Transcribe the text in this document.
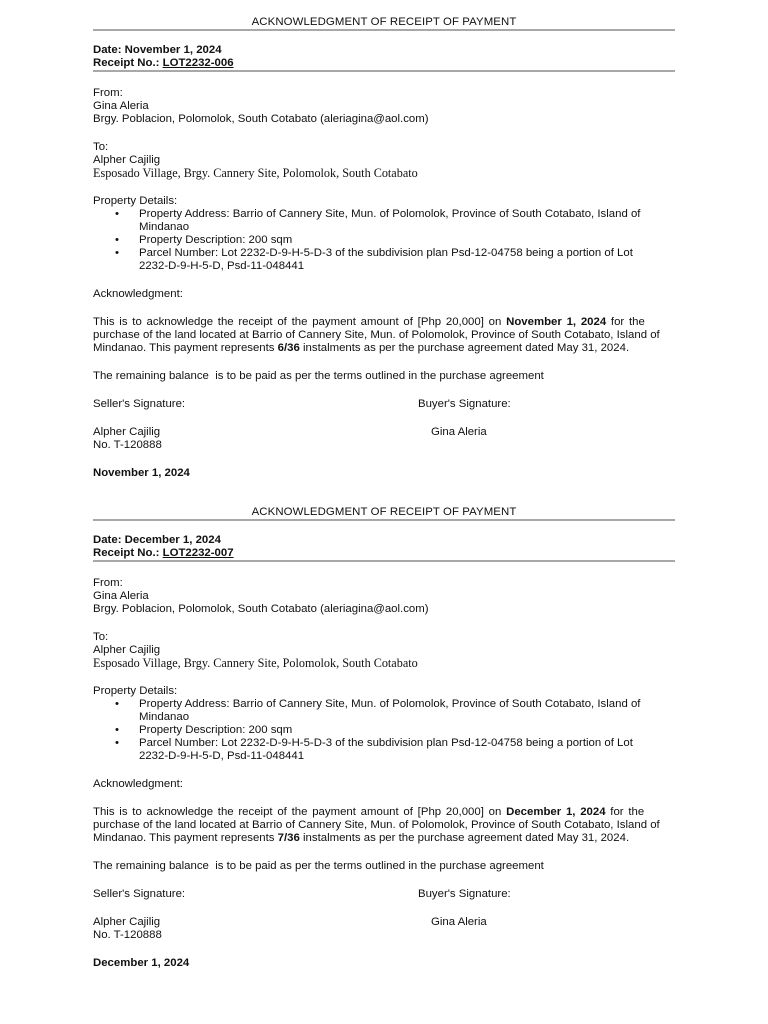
ACKNOWLEDGMENT OF RECEIPT OF PAYMENT
Date: November 1, 2024
Receipt No.: LOT2232-006
From:
Gina Aleria
Brgy. Poblacion, Polomolok, South Cotabato (aleriagina@aol.com)
To:
Alpher Cajilig
Esposado Village, Brgy. Cannery Site, Polomolok, South Cotabato
Property Details:
• Property Address: Barrio of Cannery Site, Mun. of Polomolok, Province of South Cotabato, Island of
Mindanao
• Property Description: 200 sqm
• Parcel Number: Lot 2232-D-9-H-5-D-3 of the subdivision plan Psd-12-04758 being a portion of Lot
2232-D-9-H-5-D, Psd-11-048441
Acknowledgment:
This is to acknowledge the receipt of the payment amount of [Php 20,000] on November 1, 2024 for the
purchase of the land located at Barrio of Cannery Site, Mun. of Polomolok, Province of South Cotabato, Island of
Mindanao. This payment represents 6/36 instalments as per the purchase agreement dated May 31, 2024.
The remaining balance  is to be paid as per the terms outlined in the purchase agreement
Seller's Signature:	Buyer's Signature:
Alpher Cajilig	Gina Aleria
No. T-120888
November 1, 2024
ACKNOWLEDGMENT OF RECEIPT OF PAYMENT
Date: December 1, 2024
Receipt No.: LOT2232-007
From:
Gina Aleria
Brgy. Poblacion, Polomolok, South Cotabato (aleriagina@aol.com)
To:
Alpher Cajilig
Esposado Village, Brgy. Cannery Site, Polomolok, South Cotabato
Property Details:
• Property Address: Barrio of Cannery Site, Mun. of Polomolok, Province of South Cotabato, Island of
Mindanao
• Property Description: 200 sqm
• Parcel Number: Lot 2232-D-9-H-5-D-3 of the subdivision plan Psd-12-04758 being a portion of Lot
2232-D-9-H-5-D, Psd-11-048441
Acknowledgment:
This is to acknowledge the receipt of the payment amount of [Php 20,000] on December 1, 2024 for the
purchase of the land located at Barrio of Cannery Site, Mun. of Polomolok, Province of South Cotabato, Island of
Mindanao. This payment represents 7/36 instalments as per the purchase agreement dated May 31, 2024.
The remaining balance  is to be paid as per the terms outlined in the purchase agreement
Seller's Signature:	Buyer's Signature:
Alpher Cajilig	Gina Aleria
No. T-120888
December 1, 2024
